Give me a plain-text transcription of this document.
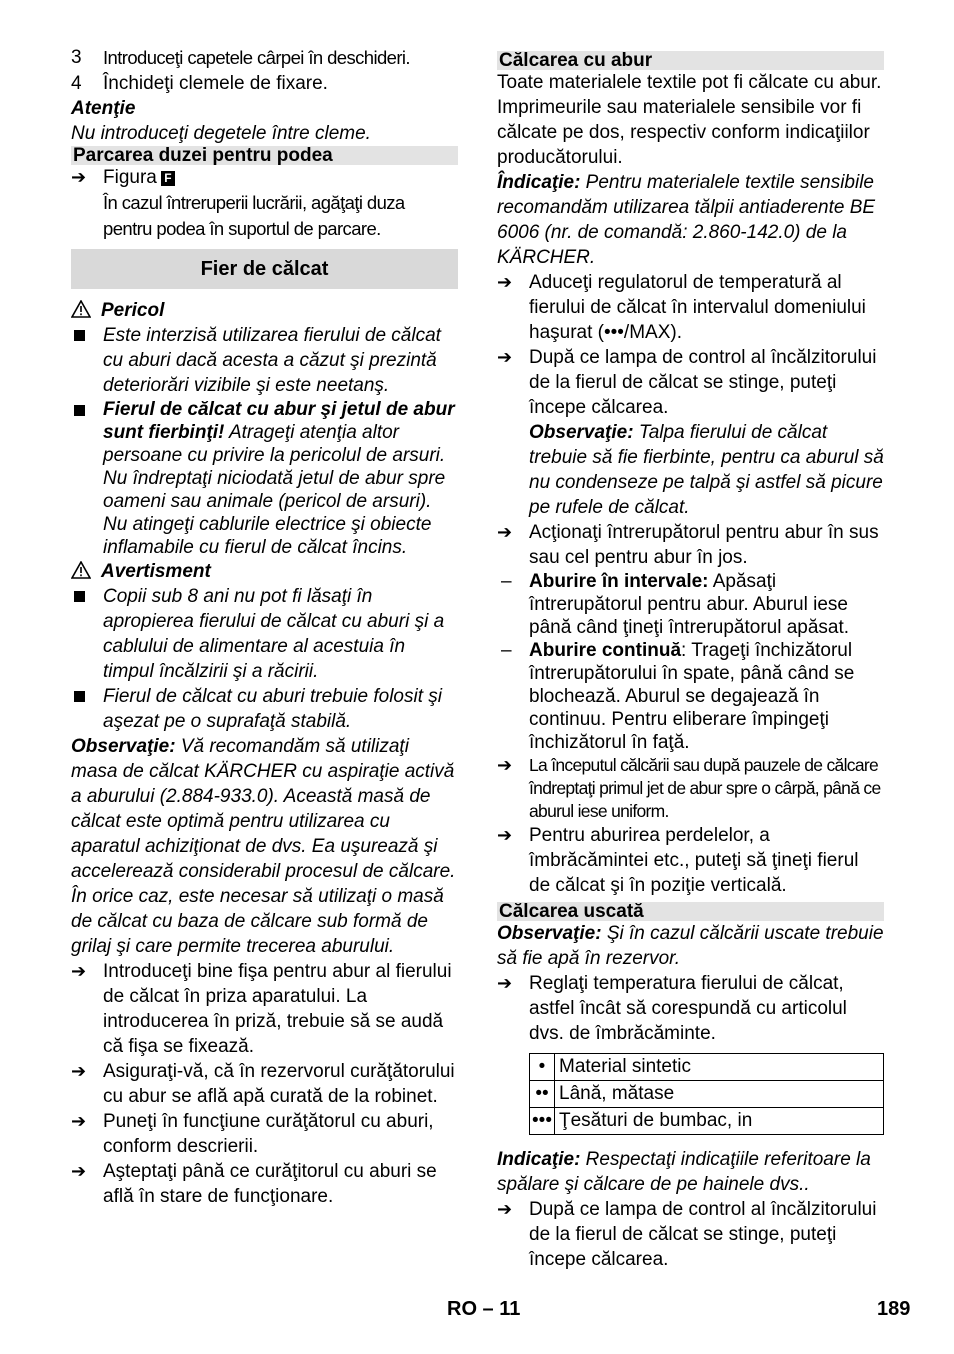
3	Introduceţi capetele cârpei în deschideri.
4	Închideţi clemele de fixare.

Atenţie

Nu introduceţi degetele între cleme.

Parcarea duzei pentru podea

➔ Figura F
În cazul întreruperii lucrării, agăţaţi duza pentru podea în suportul de parcare.
Fier de călcat

Pericol

Este interzisă utilizarea fierului de călcat cu aburi dacă acesta a căzut şi prezintă deteriorări vizibile şi este neetanş.
Fierul de călcat cu abur şi jetul de abur sunt fierbinţi! Atrageţi atenţia altor persoane cu privire la pericolul de arsuri. Nu îndreptaţi niciodată jetul de abur spre oameni sau animale (pericol de arsuri). Nu atingeţi cablurile electrice şi obiecte inflamabile cu fierul de călcat încins.

Avertisment

Copii sub 8 ani nu pot fi lăsaţi în apropierea fierului de călcat cu aburi şi a cablului de alimentare al acestuia în timpul încălzirii şi a răcirii.
Fierul de călcat cu aburi trebuie folosit şi aşezat pe o suprafaţă stabilă.

Observaţie: Vă recomandăm să utilizaţi masa de călcat KÄRCHER cu aspiraţie activă a aburului (2.884-933.0). Această masă de călcat este optimă pentru utilizarea cu aparatul achiziţionat de dvs. Ea uşurează şi accelerează considerabil procesul de călcare. În orice caz, este necesar să utilizaţi o masă de călcat cu baza de călcare sub formă de grilaj şi care permite trecerea aburului.

➔ Introduceţi bine fişa pentru abur al fierului de călcat în priza aparatului. La introducerea în priză, trebuie să se audă că fişa se fixează.
➔ Asiguraţi-vă, că în rezervorul curăţătorului cu abur se află apă curată de la robinet.
➔ Puneţi în funcţiune curăţătorul cu aburi, conform descrierii.
➔ Aşteptaţi până ce curăţitorul cu aburi se află în stare de funcţionare.

Călcarea cu abur

Toate materialele textile pot fi călcate cu abur. Imprimeurile sau materialele sensibile vor fi călcate pe dos, respectiv conform indicaţiilor producătorului.

Îndicaţie: Pentru materialele textile sensibile recomandăm utilizarea tălpii antiaderente BE 6006 (nr. de comandă: 2.860-142.0) de la KÄRCHER.

➔ Aduceţi regulatorul de temperatură al fierului de călcat în intervalul domeniului haşurat (•••/MAX).
➔ După ce lampa de control al încălzitorului de la fierul de călcat se stinge, puteţi începe călcarea.
Observaţie: Talpa fierului de călcat trebuie să fie fierbinte, pentru ca aburul să nu condenseze pe talpă şi astfel să picure pe rufele de călcat.
➔ Acţionaţi întrerupătorul pentru abur în sus sau cel pentru abur în jos.
– Aburire în intervale: Apăsaţi întrerupătorul pentru abur. Aburul iese până când ţineţi întrerupătorul apăsat.
– Aburire continuă: Trageţi închizătorul întrerupătorului în spate, până când se blochează. Aburul se degajează în continuu. Pentru eliberare împingeţi închizătorul în faţă.
➔ La începutul călcării sau după pauzele de călcare îndreptaţi primul jet de abur spre o cârpă, până ce aburul iese uniform.
➔ Pentru aburirea perdelelor, a îmbrăcămintei etc., puteţi să ţineţi fierul de călcat şi în poziţie verticală.

Călcarea uscată

Observaţie: Şi în cazul călcării uscate trebuie să fie apă în rezervor.

➔ Reglaţi temperatura fierului de călcat, astfel încât să corespundă cu articolul dvs. de îmbrăcăminte.
•	Material sintetic
••	Lână, mătase
•••	Ţesături de bumbac, in

Indicaţie: Respectaţi indicaţiile referitoare la spălare şi călcare de pe hainele dvs..

➔ După ce lampa de control al încălzitorului de la fierul de călcat se stinge, puteţi începe călcarea.
RO – 11	189
